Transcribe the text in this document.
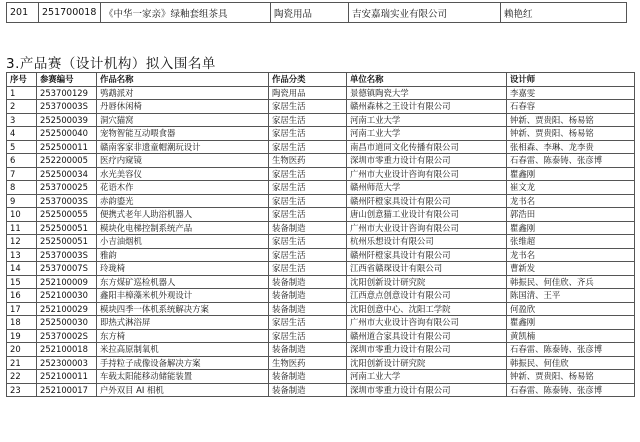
201	251700018	《中华一家亲》绿釉套组茶具	陶瓷用品	吉安嘉瑞实业有限公司	赖艳红
3.产品赛（设计机构）拟入围名单
序号	参赛编号	作品名称	作品分类	单位名称	设计师
1	253700129	鸮鹉派对	陶瓷用品	景德镇陶瓷大学	李嘉雯
2	25370003S	丹唇休闲椅	家居生活	赣州森林之王设计有限公司	石春容
3	252500039	洞穴猫窝	家居生活	河南工业大学	钟新、贾贵阳、杨易铭
4	252500040	宠物智能互动喂食器	家居生活	河南工业大学	钟新、贾贵阳、杨易铭
5	252500011	赣南客家非遗童帽潮玩设计	家居生活	南昌市道同文化传播有限公司	张相森、李琳、龙李贵
6	252200005	医疗内窥镜	生物医药	深圳市零重力设计有限公司	石春雷、陈泰铸、张彦博
7	252500034	水光美容仪	家居生活	广州市大业设计咨询有限公司	瞿鑫刚
8	253700025	花语木作	家居生活	赣州师范大学	崔文龙
9	25370003S	赤韵鎏光	家居生活	赣州阡橙家具设计有限公司	龙书名
10	252500055	便携式老年人助浴机器人	家居生活	唐山创意猫工业设计有限公司	郭浩田
11	252500051	模块化电梯控制系统产品	装备制造	广州市大业设计咨询有限公司	瞿鑫刚
12	252500051	小吉油烟机	家居生活	杭州乐想设计有限公司	张维超
13	25370003S	雅韵	家居生活	赣州阡橙家具设计有限公司	龙书名
14	25370007S	玲珑椅	家居生活	江西省赣琛设计有限公司	曹新发
15	252100009	东方煤矿巡检机器人	装备制造	沈阳创新设计研究院	韩振民、何佳欣、齐兵
16	252100030	鑫阳丰樟藻米机外观设计	装备制造	江西意点创意设计有限公司	陈国清、王平
17	252100029	模块四季一体机系统解决方案	装备制造	沈阳创意中心、沈阳工学院	何盈欣
18	252500030	即热式淋浴屏	家居生活	广州市大业设计咨询有限公司	瞿鑫刚
19	25370002S	东方椅	家居生活	赣州道合家具设计有限公司	黄凯楠
20	252100018	米拉高原制氧机	装备制造	深圳市零重力设计有限公司	石春雷、陈泰铸、张彦博
21	252300003	手持粒子成像设备解决方案	生物医药	沈阳创新设计研究院	韩振民、何佳欣
22	252100011	车载太阳能移动储能装置	装备制造	河南工业大学	钟新、贾贵阳、杨易铭
23	252100017	户外双目 AI 相机	装备制造	深圳市零重力设计有限公司	石春雷、陈泰铸、张彦博
